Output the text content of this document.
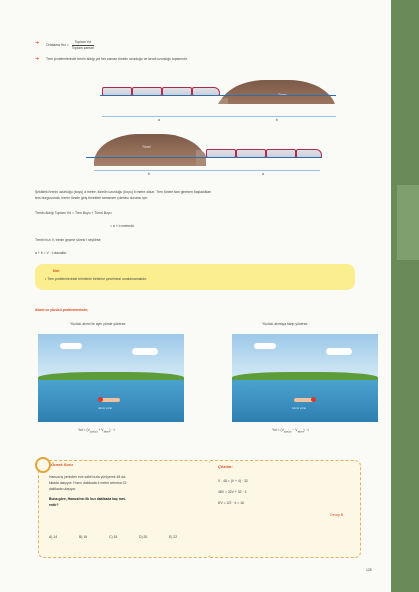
➜ Ortalama Hız =
Toplam Yol
Toplam zaman
➜ Tren problemlerinde trenin aldığı yol her zaman tünelin uzunluğu ve kendi uzunluğu toplamıdır.
a	b
Tünel
b	a
Şekildeki trenin uzunluğu (boyu) a metre, tünelin uzunluğu (boyu) b metre olsun. Tren tünele tam girerken başladıkları
ters burgusunda, trenin tünele giriş tünelden tamamen çıkması durumu için
Trenin Aldığı Toplam Yol = Tren Boyu + Tünel Boyu
= a + b metredir.
Trenin hızı V, trenin geçme süresi t seçilirse;
a + b = V · t olacaktır.
Not:
• Tren problemlerinde birimlerin birbirine çevrilmesi unutulmamalıdır.
Akıntı ve yüzücü problemlerinde;
Yüzücü akıntı ile aynı yönde yüzerse:
Akıntı yönü
Yol = $(V_{yüzücü} + V_{akıntı}) \cdot t$
Yüzücü akıntıya karşı yüzerse:
Akıntı yönü
Yol = $(V_{yüzücü} - V_{akıntı}) \cdot t$
Örnek Soru
Hamza iş yerinden eve sabit hızla yürüyerek 48 da-
kikada ulaşıyor. Hızını dakikada 4 metre artırırsa 32
dakikada ulaşıyor.
Buna göre, Hamza'nın ilk hızı dakikada kaç met-
redir?
A) 14	B) 16	C) 18	D) 20	E) 22
Çözüm:
V . 48 = (V + 4) · 32
48V = 32V + 32 · 4
8'V = 2/2 · 4 = 16
Cevap B
125
